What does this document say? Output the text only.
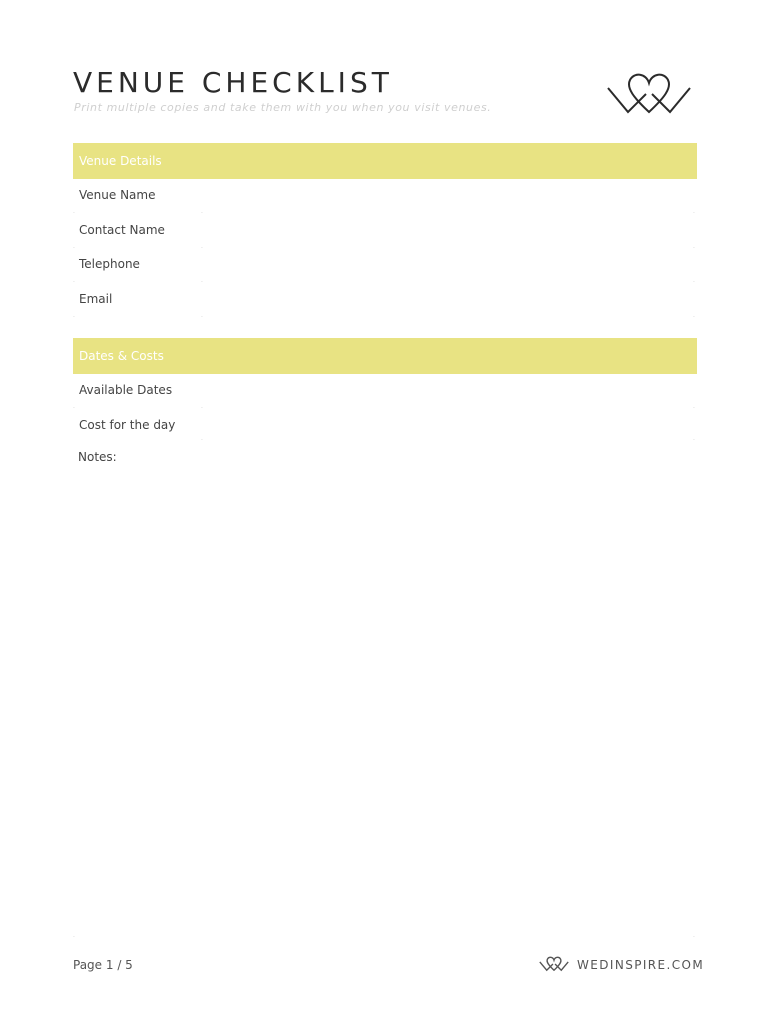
VENUE CHECKLIST
Print multiple copies and take them with you when you visit venues.
Venue Details
Venue Name
·	·	·
Contact Name
·	·	·
Telephone
·	·	·
Email
·	·	·
Dates & Costs
Available Dates
·	·	·
Cost for the day
·	·
Notes:
·	·
Page 1 / 5	WEDINSPIRE.COM
